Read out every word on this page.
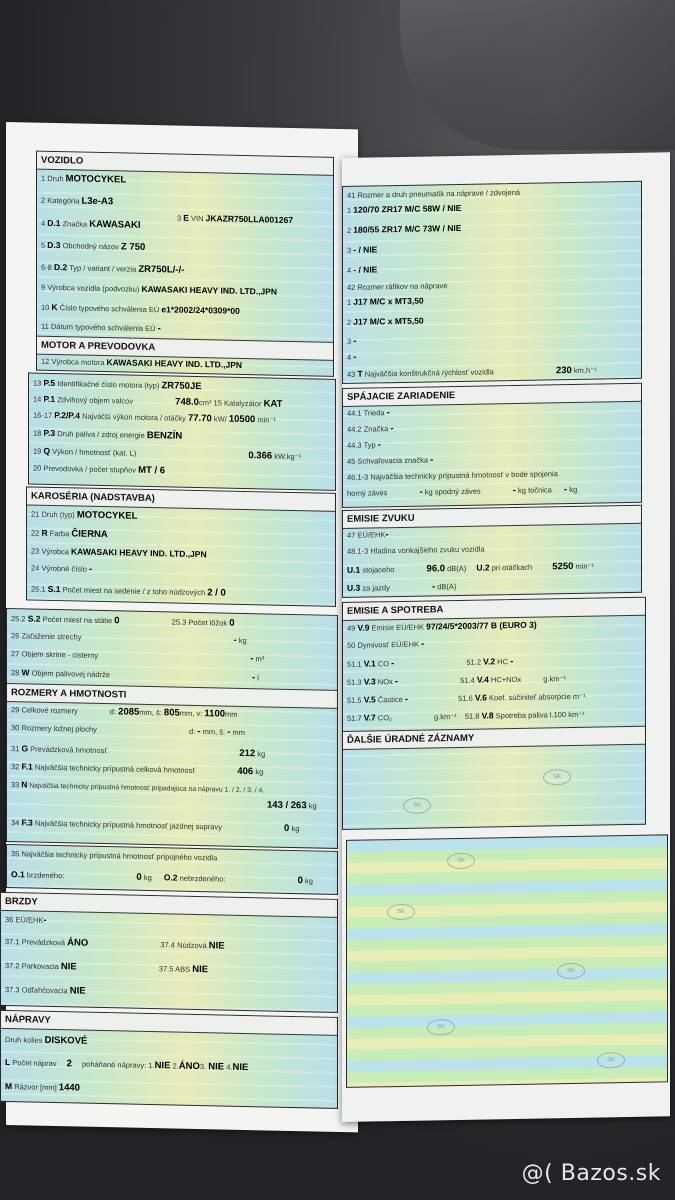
VOZIDLO
1 Druh MOTOCYKEL
2 Kategória L3e-A3
3 E VIN JKAZR750LLA001267
4 D.1 Značka KAWASAKI
5 D.3 Obchodný názov Z 750
6-8 D.2 Typ / variant / verzia ZR750L/-/-
9 Výrobca vozidla (podvozku) KAWASAKI HEAVY IND. LTD.,JPN
10 K Číslo typového schválenia EÚ e1*2002/24*0309*00
11 Dátum typového schválenia EÚ -
MOTOR A PREVODOVKA
12 Výrobca motora KAWASAKI HEAVY IND. LTD.,JPN
13 P.5 Identifikačné číslo motora (typ) ZR750JE
14 P.1 Zdvihový objem valcov	748.0cm³ 15 Katalyzátor KAT
16-17 P.2/P.4 Najväčší výkon motora / otáčky 77.70 kW/ 10500 min⁻¹
18 P.3 Druh paliva / zdroj energie BENZÍN
19 Q Výkon / hmotnosť (kat. L)	0.366 kW.kg⁻¹
20 Prevodovka / počet stupňov MT / 6
KAROSÉRIA (NADSTAVBA)
21 Druh (typ) MOTOCYKEL
22 R Farba ČIERNA
23 Výrobca KAWASAKI HEAVY IND. LTD.,JPN
24 Výrobné číslo -
25.1 S.1 Počet miest na sedenie / z toho núdzových 2 / 0
25.2 S.2 Počet miest na státie 0	25.3 Počet lôžok 0
26 Zaťaženie strechy	- kg
27 Objem skrine - cisterny	- m³
28 W Objem palivovej nádrže	- l
ROZMERY A HMOTNOSTI
29 Celkové rozmery	d: 2085mm, š: 805mm, v: 1100mm
30 Rozmery ložnej plochy	d: - mm, š: - mm
31 G Prevádzková hmotnosť	212 kg
32 F.1 Najväčšia technicky prípustná celková hmotnosť	406 kg
33 N Najväčšia technicky prípustná hmotnosť pripadajúca na nápravu 1. / 2. / 3. / 4.
143 / 263 kg
34 F.3 Najväčšia technicky prípustná hmotnosť jazdnej supravy	0 kg
35 Najväčšia technicky prípustná hmotnosť prípojného vozidla
O.1 brzdeného:	0 kg O.2 nebrzdeného:	0 kg
BRZDY
36 EÚ/EHK-
37.1 Prevádzková ÁNO	37.4 Núdzová NIE
37.2 Parkovacia NIE	37.5 ABS NIE
37.3 Odľahčovacia NIE
NÁPRAVY
Druh kolies DISKOVÉ
L Počet náprav 2 poháňané nápravy: 1.NIE 2.ÁNO3. NIE 4.NIE
M Rázvor [mm] 1440
41 Rozmer a druh pneumatík na náprave / zdvojená
1 120/70 ZR17 M/C 58W / NIE
2 180/55 ZR17 M/C 73W / NIE
3 - / NIE
4 - / NIE
42 Rozmer ráfikov na náprave
1 J17 M/C x MT3,50
2 J17 M/C x MT5,50
3 -
4 -
43 T Najväčšia konštrukčná rýchlosť vozidla	230 km.h⁻¹
SPÁJACIE ZARIADENIE
44.1 Trieda -
44.2 Značka -
44.3 Typ -
45 Schvaľovacia značka -
46.1-3 Najväčšia technicky prípustná hmotnosť v bode spojenia
horný záves	- kg spodný záves	- kg točnica - kg
EMISIE ZVUKU
47 EÚ/EHK-
48.1-3 Hladina vonkajšieho zvuku vozidla
U.1 stojaceho	96.0 dB(A) U.2 pri otáčkach 5250 min⁻¹
U.3 za jazdy	- dB(A)
EMISIE A SPOTREBA
49 V.9 Emisie EÚ/EHK 97/24/5*2003/77 B (EURO 3)
50 Dymivosť EÚ/EHK -
51.1 V.1 CO -	51.2 V.2 HC -
51.3 V.3 NOx -	51.4 V.4 HC+NOx	g.km⁻¹
51.5 V.5 Častice -	51.6 V.6 Koef. súčiniteľ absorpcie m⁻¹
51.7 V.7 CO₂	g.km⁻¹ 51.8 V.8 Spotreba paliva l.100 km⁻¹
ĎALŠIE ÚRADNÉ ZÁZNAMY
SK
SK
SK
SK
SK
SK
SK
@( Bazos.sk
